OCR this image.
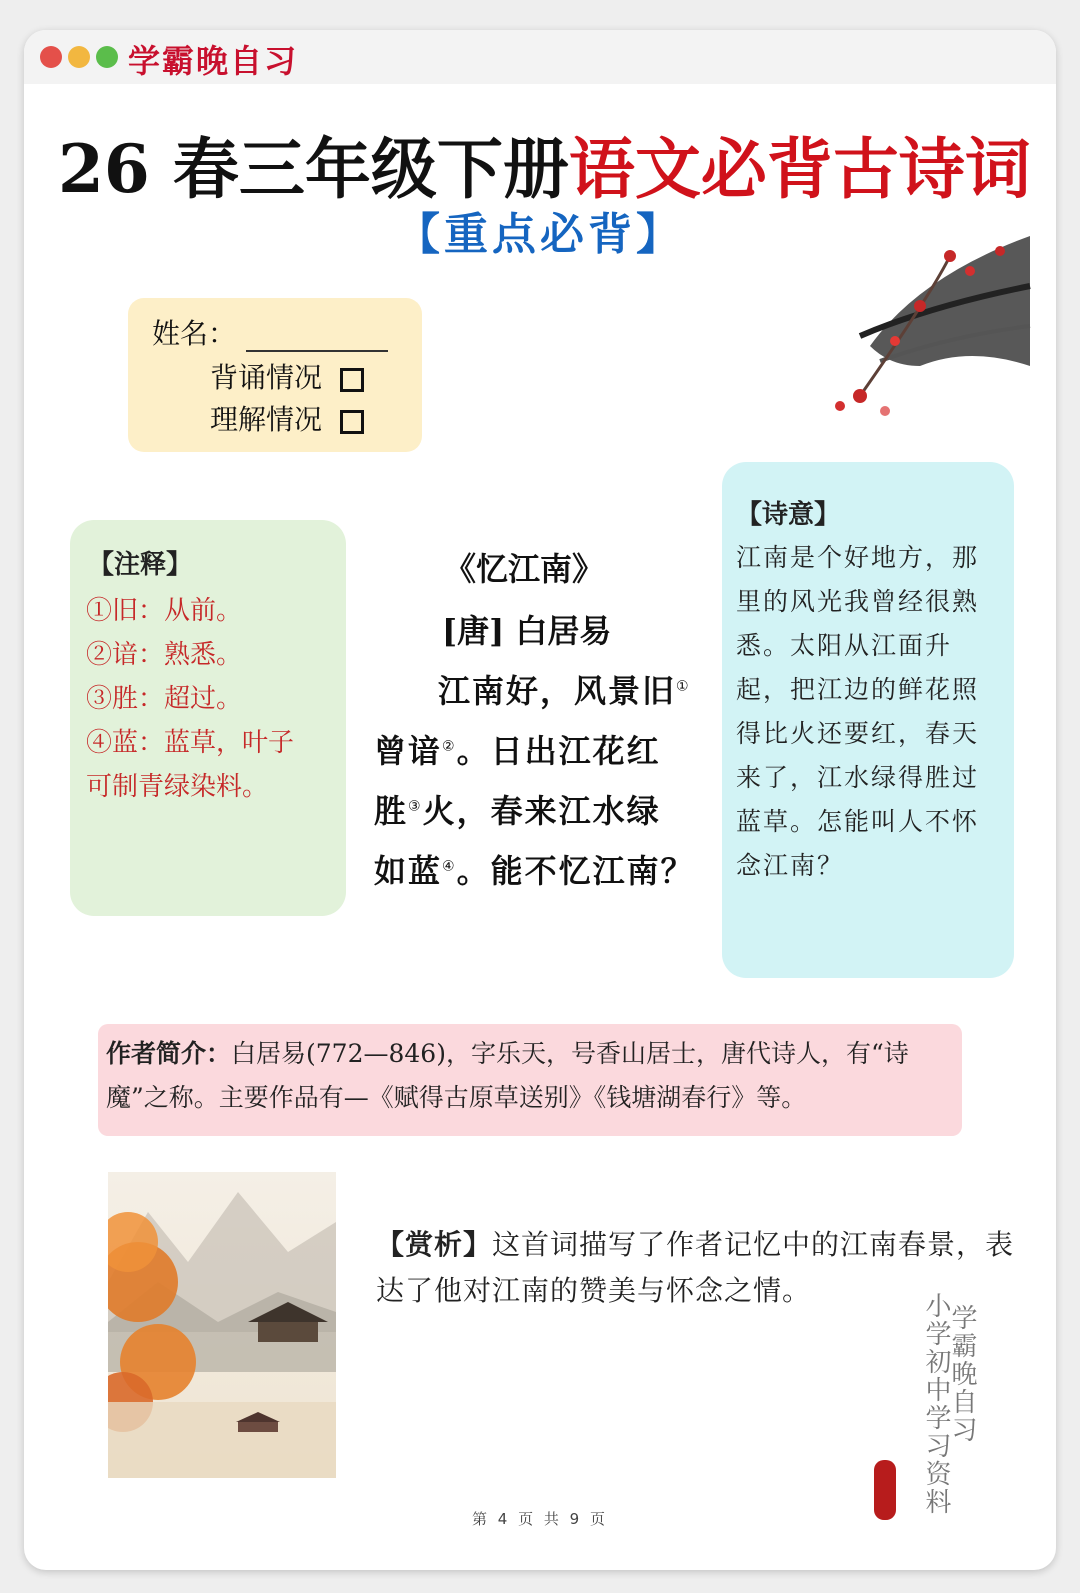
学霸晚自习
26 春三年级下册语文必背古诗词
【重点必背】
姓名：
背诵情况
理解情况
【注释】
①旧：从前。
②谙：熟悉。
③胜：超过。
④蓝：蓝草，叶子
可制青绿染料。
《忆江南》
[唐] 白居易
江南好，风景旧①
曾谙②。日出江花红
胜③火，春来江水绿
如蓝④。能不忆江南？
【诗意】
江南是个好地方，那里的风光我曾经很熟悉。太阳从江面升起，把江边的鲜花照得比火还要红，春天来了，江水绿得胜过蓝草。怎能叫人不怀念江南？
作者简介：白居易(772—846)，字乐天，号香山居士，唐代诗人，有“诗魔”之称。主要作品有—《赋得古原草送别》《钱塘湖春行》等。
【赏析】这首词描写了作者记忆中的江南春景，表达了他对江南的赞美与怀念之情。
学霸晚自习
小学初中学习资料
第 4 页 共 9 页
